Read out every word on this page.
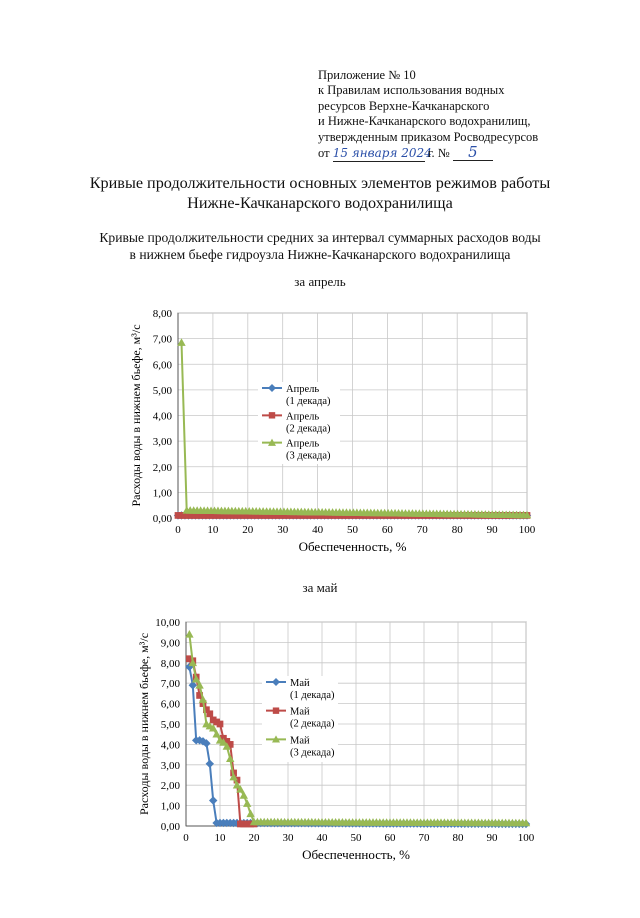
Приложение № 10
к Правилам использования водных
ресурсов Верхне-Качканарского
и Нижне-Качканарского водохранилищ,
утвержденным приказом Росводресурсов
от 15 января 2024 г. № 5
Кривые продолжительности основных элементов режимов работы
Нижне-Качканарского водохранилища
Кривые продолжительности средних за интервал суммарных расходов воды
в нижнем бьефе гидроузла Нижне-Качканарского водохранилища
за апрель
0,00
1,00
2,00
3,00
4,00
5,00
6,00
7,00
8,00
0 10 20 30 40 50 60 70 80 90 100
Обеспеченность, %
Расходы воды в нижнем бьефе, м³/с	Апрель
(1 декада)
Апрель
(2 декада)
Апрель
(3 декада)
за май
0,00
1,00
2,00
3,00
4,00
5,00
6,00
7,00
8,00
9,00
10,00
0 10 20 30 40 50 60 70 80 90 100
Обеспеченность, %
Расходы воды в нижнем бьефе, м³/с	Май
(1 декада)
Май
(2 декада)
Май
(3 декада)
